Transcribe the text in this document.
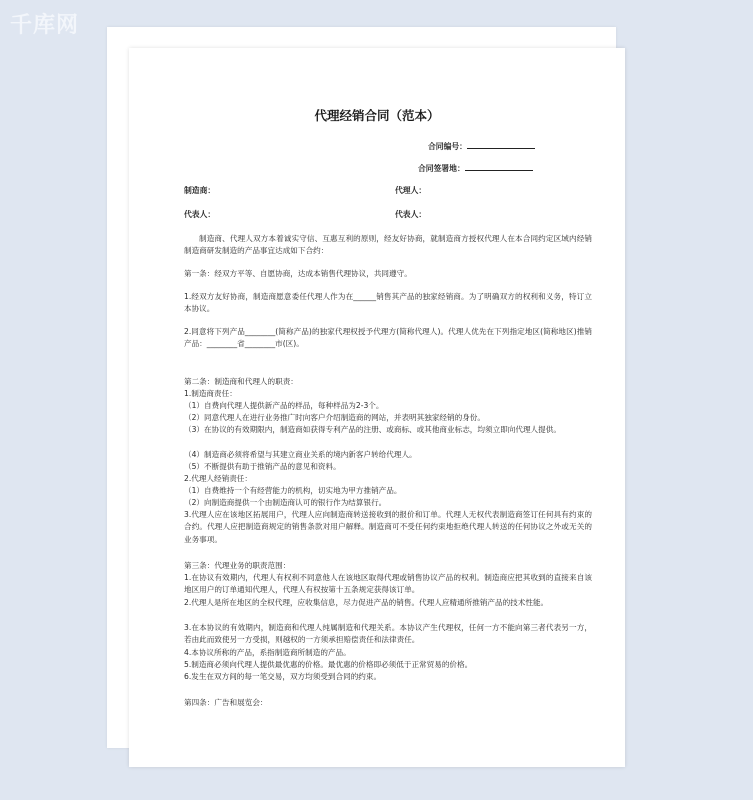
千库网
代理经销合同（范本）
合同编号：
合同签署地：
制造商：	代理人：
代表人：	代表人：
制造商、代理人双方本着诚实守信、互惠互利的原则，经友好协商，就制造商方授权代理人在本合同约定区域内经销制造商研发制造的产品事宜达成如下合约：
第一条：经双方平等、自愿协商，达成本销售代理协议，共同遵守。
1.经双方友好协商，制造商愿意委任代理人作为在______销售其产品的独家经销商。为了明确双方的权利和义务，特订立本协议。
2.同意将下列产品________(简称产品)的独家代理权授予代理方(简称代理人)。代理人优先在下列指定地区(简称地区)推销产品：________省________市(区)。
第二条：制造商和代理人的职责：
1.制造商责任：
（1）自费向代理人提供新产品的样品，每种样品为2-3个。
（2）同意代理人在进行业务推广时向客户介绍制造商的网站，并表明其独家经销的身份。
（3）在协议的有效期限内，制造商如获得专利产品的注册、或商标、或其他商业标志，均须立即向代理人提供。
（4）制造商必须将希望与其建立商业关系的境内新客户转给代理人。
（5）不断提供有助于推销产品的意见和资料。
2.代理人经销责任：
（1）自费维持一个有经营能力的机构，切实地为甲方推销产品。
（2）向制造商提供一个由制造商认可的银行作为结算银行。
3.代理人应在该地区拓展用户，代理人应向制造商转送接收到的报价和订单。代理人无权代表制造商签订任何具有约束的合约。代理人应把制造商规定的销售条款对用户解释。制造商可不受任何约束地拒绝代理人转送的任何协议之外或无关的业务事项。
第三条：代理业务的职责范围：
1.在协议有效期内，代理人有权利不同意他人在该地区取得代理或销售协议产品的权利。制造商应把其收到的直接来自该地区用户的订单通知代理人，代理人有权按第十五条规定获得该订单。
2.代理人是所在地区的全权代理，应收集信息，尽力促进产品的销售。代理人应精通所推销产品的技术性能。
3.在本协议的有效期内，制造商和代理人纯属制造和代理关系。本协议产生代理权，任何一方不能向第三者代表另一方，若由此而致使另一方受损，则越权的一方须承担赔偿责任和法律责任。
4.本协议所称的产品，系指制造商所制造的产品。
5.制造商必须向代理人提供最优惠的价格。最优惠的价格即必须低于正常贸易的价格。
6.发生在双方间的每一笔交易，双方均须受到合同的约束。
第四条：广告和展览会：
